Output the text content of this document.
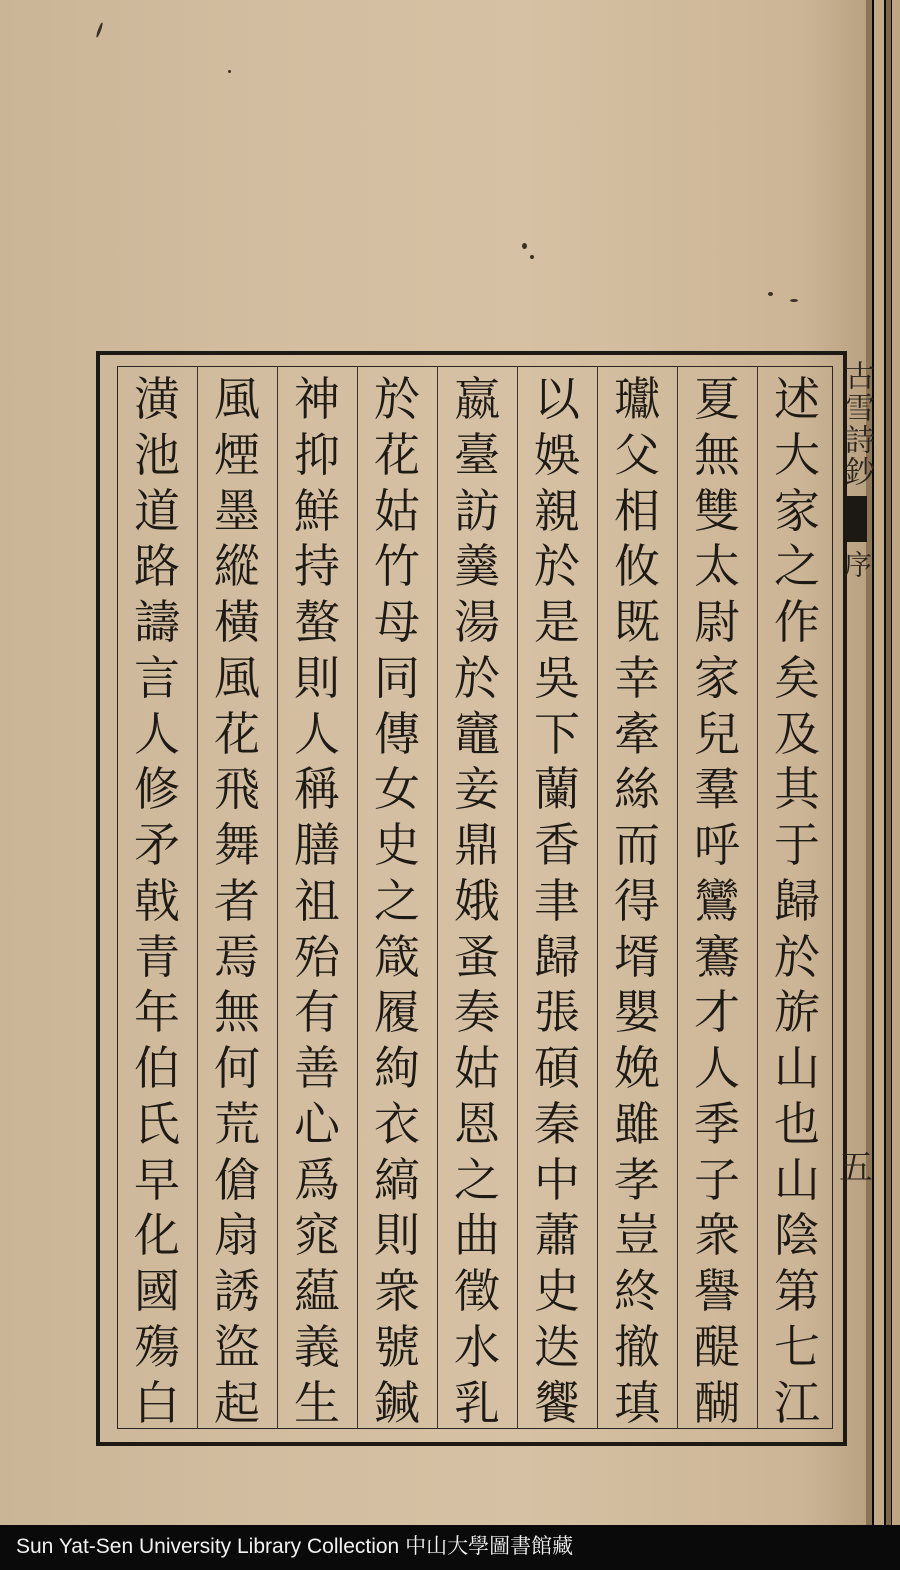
古雪詩鈔
序
五
述
大
家
之
作
矣
及
其
于
歸
於
旂
山
也
山
陰
第
七
江
夏
無
雙
太
尉
家
兒
羣
呼
鸞
鶱
才
人
季
子
衆
譽
醍
醐
瓛
父
相
攸
既
幸
牽
絲
而
得
壻
嬰
娩
雖
孝
豈
終
撤
瑱
以
娛
親
於
是
吳
下
蘭
香
聿
歸
張
碩
秦
中
蕭
史
迭
饗
嬴
臺
訪
羹
湯
於
竈
妾
鼎
娥
蚤
奏
姑
恩
之
曲
徵
水
乳
於
花
姑
竹
母
同
傳
女
史
之
箴
履
絇
衣
縞
則
衆
號
鍼
神
抑
鮮
持
螯
則
人
稱
膳
祖
殆
有
善
心
爲
窕
藴
義
生
風
煙
墨
縱
橫
風
花
飛
舞
者
焉
無
何
荒
傖
扇
誘
盜
起
潢
池
道
路
譸
言
人
修
矛
戟
青
年
伯
氏
早
化
國
殤
白
Sun Yat-Sen University Library Collection 中山大學圖書館藏
